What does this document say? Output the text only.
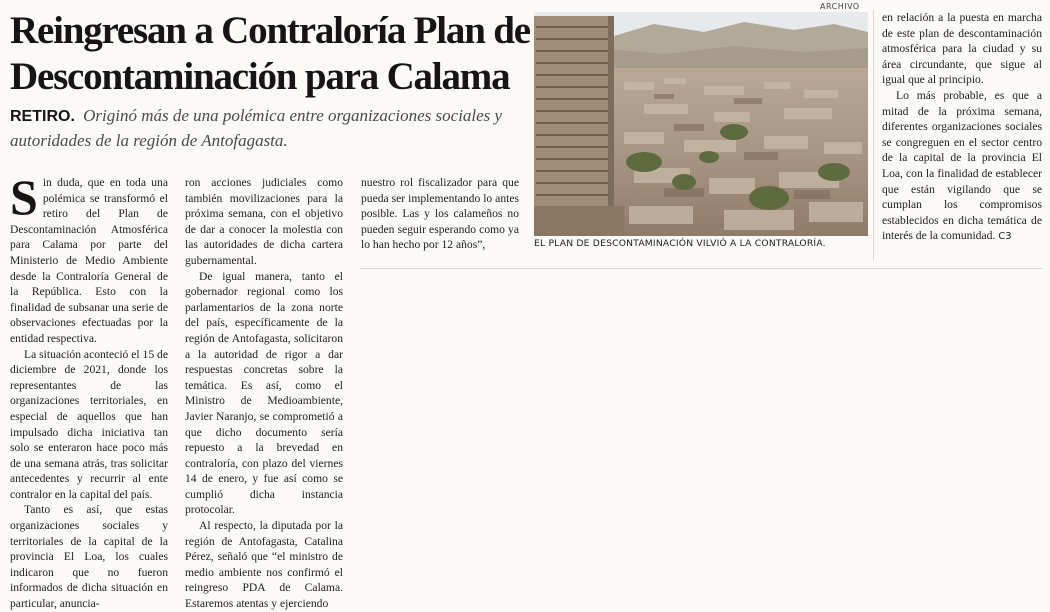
Reingresan a Contraloría Plan de Descontaminación para Calama
RETIRO. Originó más de una polémica entre organizaciones sociales y autoridades de la región de Antofagasta.

Sin duda, que en toda una polémica se transformó el retiro del Plan de Descontaminación Atmosférica para Calama por parte del Ministerio de Medio Ambiente desde la Contraloría General de la República. Esto con la finalidad de subsanar una serie de observaciones efectuadas por la entidad respectiva.

La situación aconteció el 15 de diciembre de 2021, donde los representantes de las organizaciones territoriales, en especial de aquellos que han impulsado dicha iniciativa tan solo se enteraron hace poco más de una semana atrás, tras solicitar antecedentes y recurrir al ente contralor en la capital del país.

Tanto es así, que estas organizaciones sociales y territoriales de la capital de la provincia El Loa, los cuales indicaron que no fueron informados de dicha situación en particular, anuncia-

ron acciones judiciales como también movilizaciones para la próxima semana, con el objetivo de dar a conocer la molestia con las autoridades de dicha cartera gubernamental.

De igual manera, tanto el gobernador regional como los parlamentarios de la zona norte del país, específicamente de la región de Antofagasta, solicitaron a la autoridad de rigor a dar respuestas concretas sobre la temática. Es así, como el Ministro de Medioambiente, Javier Naranjo, se comprometió a que dicho documento sería repuesto a la brevedad en contraloría, con plazo del viernes 14 de enero, y fue así como se cumplió dicha instancia protocolar.

Al respecto, la diputada por la región de Antofagasta, Catalina Pérez, señaló que “el ministro de medio ambiente nos confirmó el reingreso PDA de Calama. Estaremos atentas y ejerciendo

nuestro rol fiscalizador para que pueda ser implementando lo antes posible. Las y los calameños no pueden seguir esperando como ya lo han hecho por 12 años”,

ARCHIVO
EL PLAN DE DESCONTAMINACIÓN VILVIÓ A LA CONTRALORÍA.

en relación a la puesta en marcha de este plan de descontaminación atmosférica para la ciudad y su área circundante, que sigue al igual que al principio.

Lo más probable, es que a mitad de la próxima semana, diferentes organizaciones sociales se congreguen en el sector centro de la capital de la provincia El Loa, con la finalidad de establecer que están vigilando que se cumplan los compromisos establecidos en dicha temática de interés de la comunidad. C3
